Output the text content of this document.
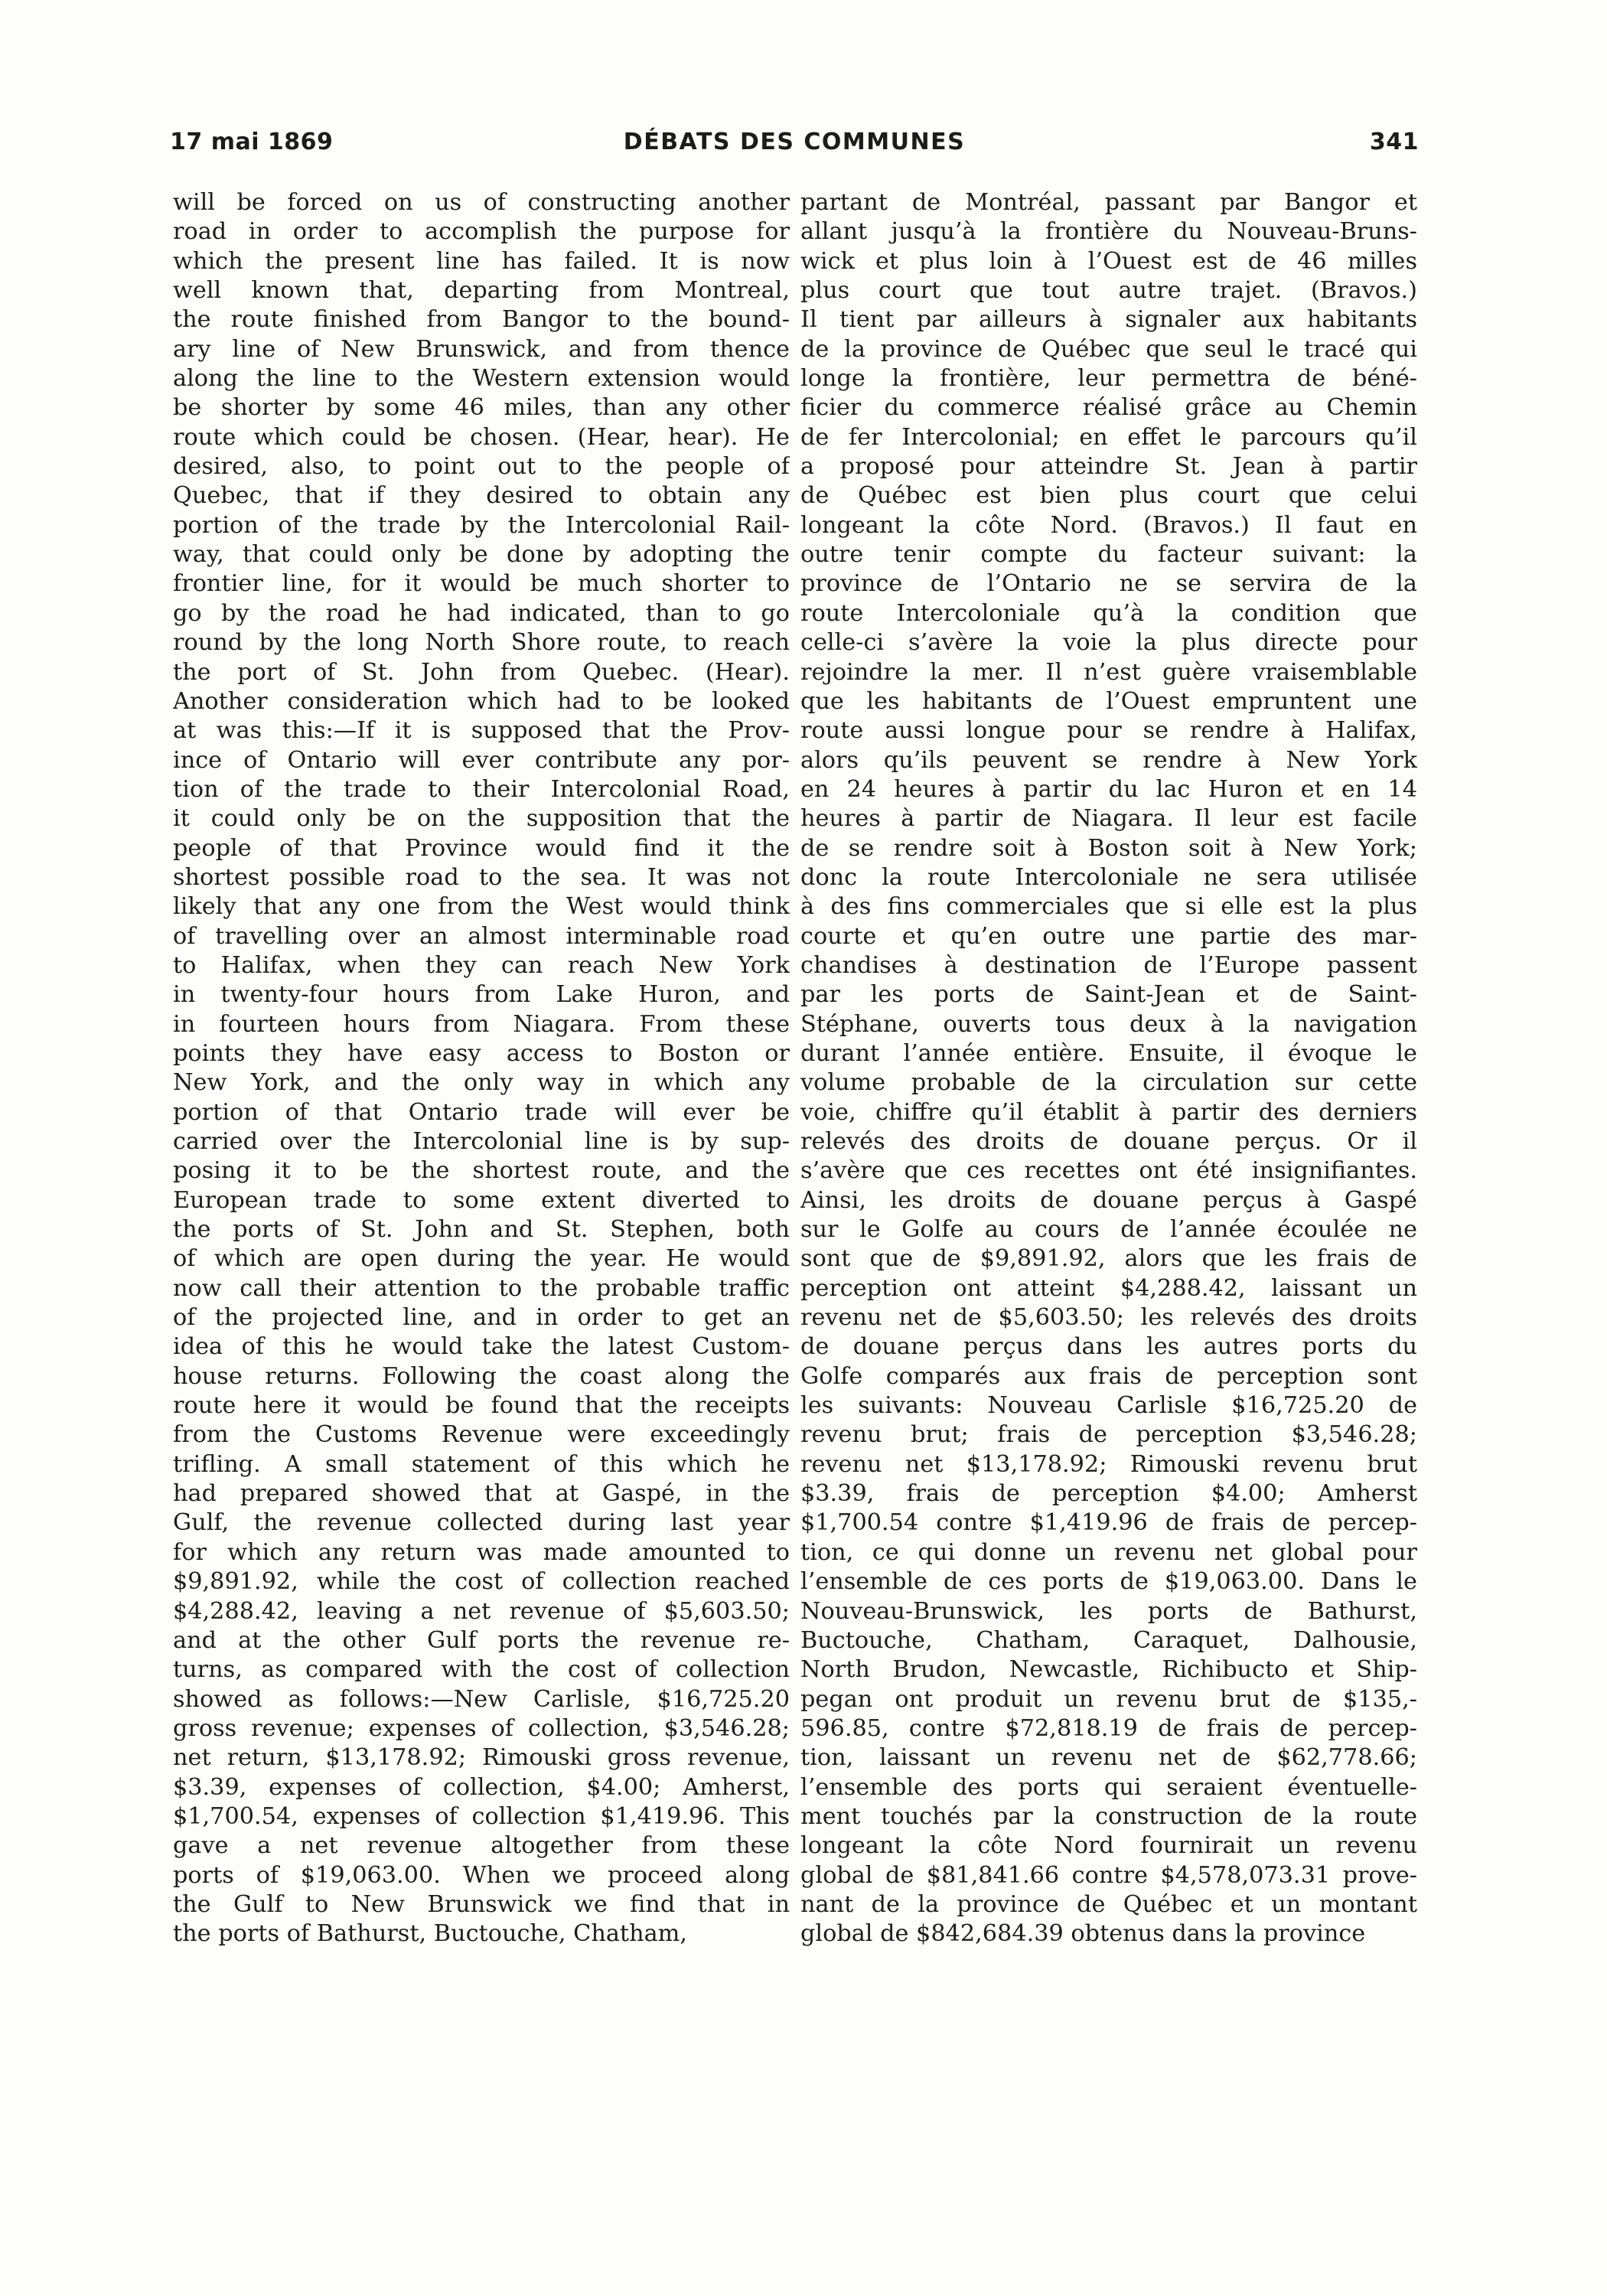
17 mai 1869	DÉBATS DES COMMUNES	341
will be forced on us of constructing another
road in order to accomplish the purpose for
which the present line has failed. It is now
well known that, departing from Montreal,
the route finished from Bangor to the bound-
ary line of New Brunswick, and from thence
along the line to the Western extension would
be shorter by some 46 miles, than any other
route which could be chosen. (Hear, hear). He
desired, also, to point out to the people of
Quebec, that if they desired to obtain any
portion of the trade by the Intercolonial Rail-
way, that could only be done by adopting the
frontier line, for it would be much shorter to
go by the road he had indicated, than to go
round by the long North Shore route, to reach
the port of St. John from Quebec. (Hear).
Another consideration which had to be looked
at was this:—If it is supposed that the Prov-
ince of Ontario will ever contribute any por-
tion of the trade to their Intercolonial Road,
it could only be on the supposition that the
people of that Province would find it the
shortest possible road to the sea. It was not
likely that any one from the West would think
of travelling over an almost interminable road
to Halifax, when they can reach New York
in twenty-four hours from Lake Huron, and
in fourteen hours from Niagara. From these
points they have easy access to Boston or
New York, and the only way in which any
portion of that Ontario trade will ever be
carried over the Intercolonial line is by sup-
posing it to be the shortest route, and the
European trade to some extent diverted to
the ports of St. John and St. Stephen, both
of which are open during the year. He would
now call their attention to the probable traffic
of the projected line, and in order to get an
idea of this he would take the latest Custom-
house returns. Following the coast along the
route here it would be found that the receipts
from the Customs Revenue were exceedingly
trifling. A small statement of this which he
had prepared showed that at Gaspé, in the
Gulf, the revenue collected during last year
for which any return was made amounted to
$9,891.92, while the cost of collection reached
$4,288.42, leaving a net revenue of $5,603.50;
and at the other Gulf ports the revenue re-
turns, as compared with the cost of collection
showed as follows:—New Carlisle, $16,725.20
gross revenue; expenses of collection, $3,546.28;
net return, $13,178.92; Rimouski gross revenue,
$3.39, expenses of collection, $4.00; Amherst,
$1,700.54, expenses of collection $1,419.96. This
gave a net revenue altogether from these
ports of $19,063.00. When we proceed along
the Gulf to New Brunswick we find that in
the ports of Bathurst, Buctouche, Chatham,
partant de Montréal, passant par Bangor et
allant jusqu’à la frontière du Nouveau-Bruns-
wick et plus loin à l’Ouest est de 46 milles
plus court que tout autre trajet. (Bravos.)
Il tient par ailleurs à signaler aux habitants
de la province de Québec que seul le tracé qui
longe la frontière, leur permettra de béné-
ficier du commerce réalisé grâce au Chemin
de fer Intercolonial; en effet le parcours qu’il
a proposé pour atteindre St. Jean à partir
de Québec est bien plus court que celui
longeant la côte Nord. (Bravos.) Il faut en
outre tenir compte du facteur suivant: la
province de l’Ontario ne se servira de la
route Intercoloniale qu’à la condition que
celle-ci s’avère la voie la plus directe pour
rejoindre la mer. Il n’est guère vraisemblable
que les habitants de l’Ouest empruntent une
route aussi longue pour se rendre à Halifax,
alors qu’ils peuvent se rendre à New York
en 24 heures à partir du lac Huron et en 14
heures à partir de Niagara. Il leur est facile
de se rendre soit à Boston soit à New York;
donc la route Intercoloniale ne sera utilisée
à des fins commerciales que si elle est la plus
courte et qu’en outre une partie des mar-
chandises à destination de l’Europe passent
par les ports de Saint-Jean et de Saint-
Stéphane, ouverts tous deux à la navigation
durant l’année entière. Ensuite, il évoque le
volume probable de la circulation sur cette
voie, chiffre qu’il établit à partir des derniers
relevés des droits de douane perçus. Or il
s’avère que ces recettes ont été insignifiantes.
Ainsi, les droits de douane perçus à Gaspé
sur le Golfe au cours de l’année écoulée ne
sont que de $9,891.92, alors que les frais de
perception ont atteint $4,288.42, laissant un
revenu net de $5,603.50; les relevés des droits
de douane perçus dans les autres ports du
Golfe comparés aux frais de perception sont
les suivants: Nouveau Carlisle $16,725.20 de
revenu brut; frais de perception $3,546.28;
revenu net $13,178.92; Rimouski revenu brut
$3.39, frais de perception $4.00; Amherst
$1,700.54 contre $1,419.96 de frais de percep-
tion, ce qui donne un revenu net global pour
l’ensemble de ces ports de $19,063.00. Dans le
Nouveau-Brunswick, les ports de Bathurst,
Buctouche, Chatham, Caraquet, Dalhousie,
North Brudon, Newcastle, Richibucto et Ship-
pegan ont produit un revenu brut de $135,-
596.85, contre $72,818.19 de frais de percep-
tion, laissant un revenu net de $62,778.66;
l’ensemble des ports qui seraient éventuelle-
ment touchés par la construction de la route
longeant la côte Nord fournirait un revenu
global de $81,841.66 contre $4,578,073.31 prove-
nant de la province de Québec et un montant
global de $842,684.39 obtenus dans la province
